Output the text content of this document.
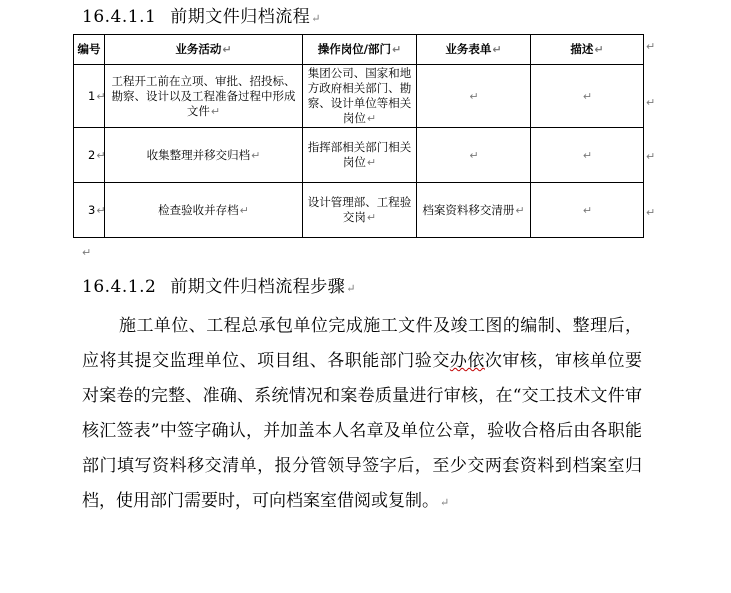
16.4.1.1 前期文件归档流程↵
编号	业务活动↵	操作岗位/部门↵	业务表单↵	描述↵
1↵	工程开工前在立项、审批、招投标、勘察、设计以及工程准备过程中形成文件↵	集团公司、国家和地方政府相关部门、勘察、设计单位等相关岗位↵	↵	↵
2↵	收集整理并移交归档↵	指挥部相关部门相关岗位↵	↵	↵
3↵	检查验收并存档↵	设计管理部、工程验交岗↵	档案资料移交清册↵	↵
↵
↵
↵
↵
↵
16.4.1.2 前期文件归档流程步骤↵

施工单位、工程总承包单位完成施工文件及竣工图的编制、整理后，应将其提交监理单位、项目组、各职能部门验交办依次审核，审核单位要对案卷的完整、准确、系统情况和案卷质量进行审核，在“交工技术文件审核汇签表”中签字确认，并加盖本人名章及单位公章，验收合格后由各职能部门填写资料移交清单，报分管领导签字后，至少交两套资料到档案室归档，使用部门需要时，可向档案室借阅或复制。↵
